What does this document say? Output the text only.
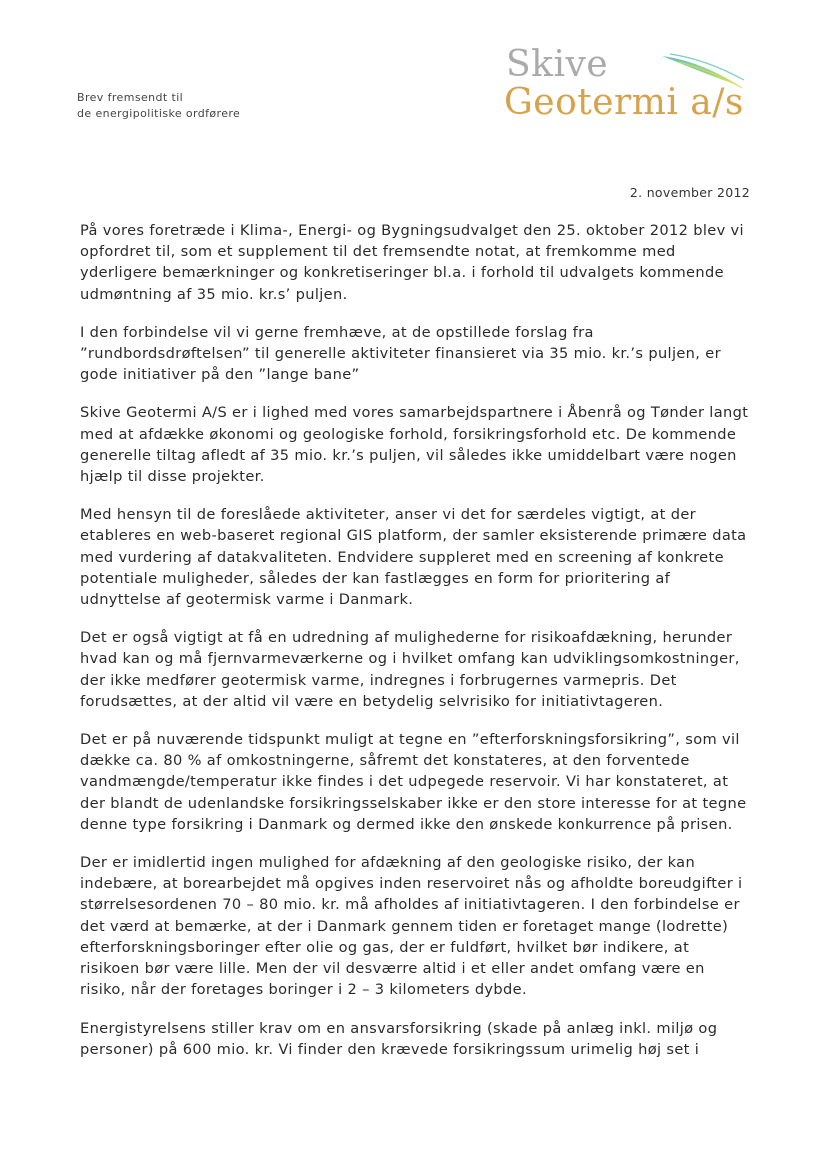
Brev fremsendt til
de energipolitiske ordførere
Skive
Geotermi a/s
2. november 2012

På vores foretræde i Klima-, Energi- og Bygningsudvalget den 25. oktober 2012 blev vi opfordret til, som et supplement til det fremsendte notat, at fremkomme med yderligere bemærkninger og konkretiseringer bl.a. i forhold til udvalgets kommende udmøntning af 35 mio. kr.s’ puljen.

I den forbindelse vil vi gerne fremhæve, at de opstillede forslag fra ”rundbordsdrøftelsen” til generelle aktiviteter finansieret via 35 mio. kr.’s puljen, er gode initiativer på den ”lange bane”

Skive Geotermi A/S er i lighed med vores samarbejdspartnere i Åbenrå og Tønder langt med at afdække økonomi og geologiske forhold, forsikringsforhold etc. De kommende generelle tiltag afledt af 35 mio. kr.’s puljen, vil således ikke umiddelbart være nogen hjælp til disse projekter.

Med hensyn til de foreslåede aktiviteter, anser vi det for særdeles vigtigt, at der etableres en web-baseret regional GIS platform, der samler eksisterende primære data med vurdering af datakvaliteten. Endvidere suppleret med en screening af konkrete potentiale muligheder, således der kan fastlægges en form for prioritering af udnyttelse af geotermisk varme i Danmark.

Det er også vigtigt at få en udredning af mulighederne for risikoafdækning, herunder hvad kan og må fjernvarmeværkerne og i hvilket omfang kan udviklingsomkostninger, der ikke medfører geotermisk varme, indregnes i forbrugernes varmepris. Det forudsættes, at der altid vil være en betydelig selvrisiko for initiativtageren.

Det er på nuværende tidspunkt muligt at tegne en ”efterforskningsforsikring”, som vil dække ca. 80 % af omkostningerne, såfremt det konstateres, at den forventede vandmængde/temperatur ikke findes i det udpegede reservoir. Vi har konstateret, at der blandt de udenlandske forsikringsselskaber ikke er den store interesse for at tegne denne type forsikring i Danmark og dermed ikke den ønskede konkurrence på prisen.

Der er imidlertid ingen mulighed for afdækning af den geologiske risiko, der kan indebære, at borearbejdet må opgives inden reservoiret nås og afholdte boreudgifter i størrelsesordenen 70 – 80 mio. kr. må afholdes af initiativtageren. I den forbindelse er det værd at bemærke, at der i Danmark gennem tiden er foretaget mange (lodrette) efterforskningsboringer efter olie og gas, der er fuldført, hvilket bør indikere, at risikoen bør være lille. Men der vil desværre altid i et eller andet omfang være en risiko, når der foretages boringer i 2 – 3 kilometers dybde.

Energistyrelsens stiller krav om en ansvarsforsikring (skade på anlæg inkl. miljø og personer) på 600 mio. kr. Vi finder den krævede forsikringssum urimelig høj set i
